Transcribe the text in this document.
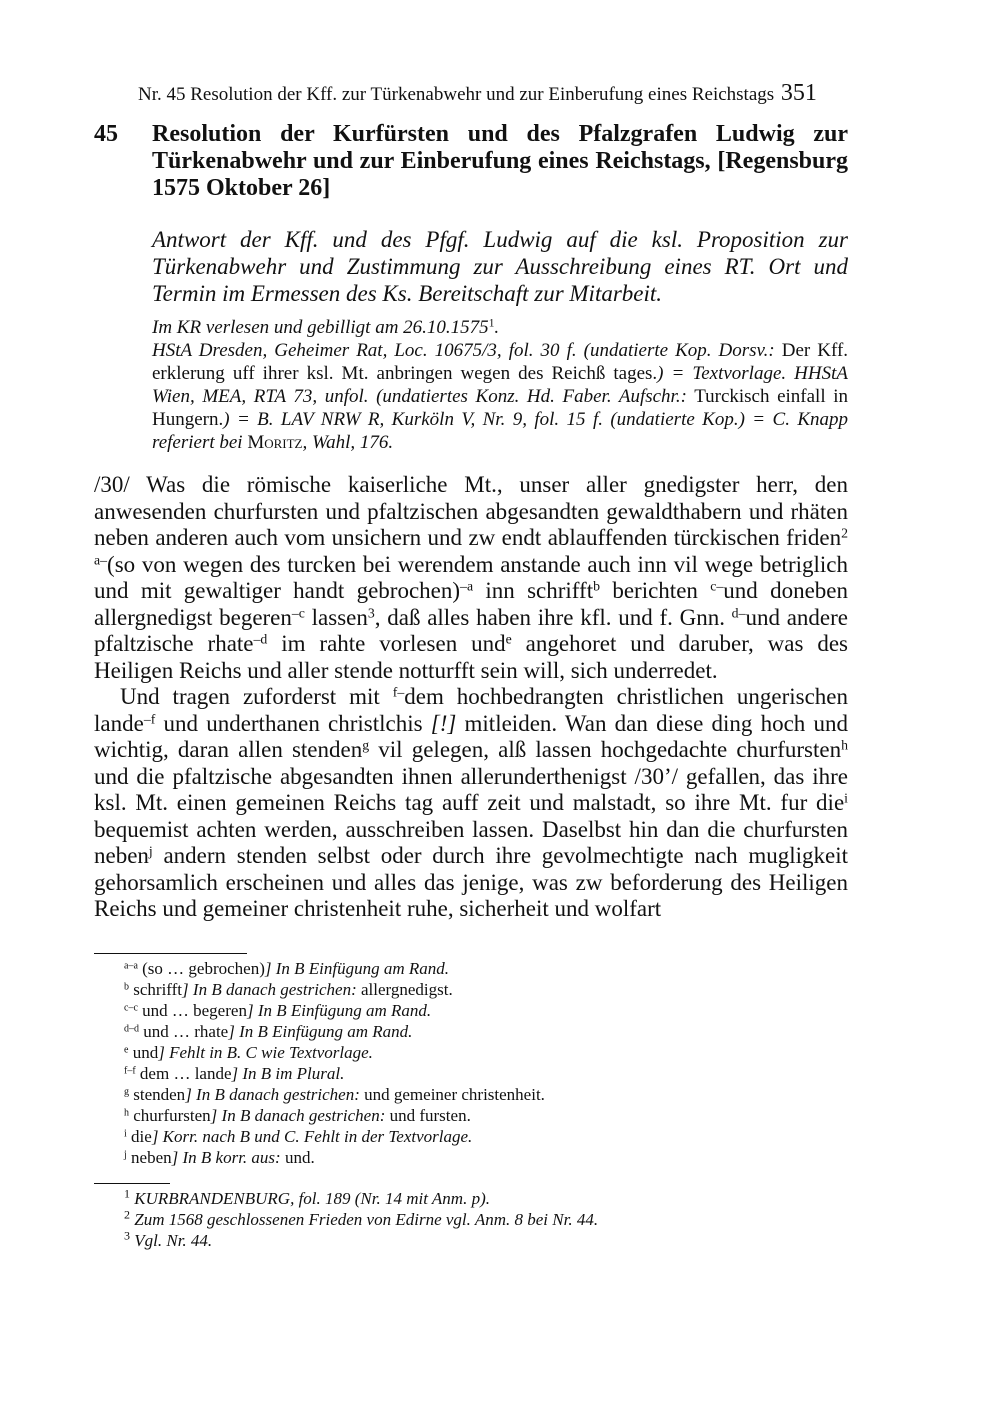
Nr. 45 Resolution der Kff. zur Türkenabwehr und zur Einberufung eines Reichstags 351
45 Resolution der Kurfürsten und des Pfalzgrafen Ludwig zur Türkenabwehr und zur Einberufung eines Reichstags, [Regensburg 1575 Oktober 26]
Antwort der Kff. und des Pfgf. Ludwig auf die ksl. Proposition zur Türkenabwehr und Zustimmung zur Ausschreibung eines RT. Ort und Termin im Ermessen des Ks. Bereitschaft zur Mitarbeit.
Im KR verlesen und gebilligt am 26.10.1575$^1$.
HStA Dresden, Geheimer Rat, Loc. 10675/3, fol. 30 f. (undatierte Kop. Dorsv.: Der Kff. erklerung uff ihrer ksl. Mt. anbringen wegen des Reichß tages.) = Textvorlage. HHStA Wien, MEA, RTA 73, unfol. (undatiertes Konz. Hd. Faber. Aufschr.: Turckisch einfall in Hungern.) = B. LAV NRW R, Kurköln V, Nr. 9, fol. 15 f. (undatierte Kop.) = C. Knapp referiert bei Moritz, Wahl, 176.

/30/ Was die römische kaiserliche Mt., unser aller gnedigster herr, den anwesenden churfursten und pfaltzischen abgesandten gewaldthabern und rhäten neben anderen auch vom unsichern und zw endt ablauffenden türckischen friden$^2$ $^{a-}$(so von wegen des turcken bei werendem anstande auch inn vil wege betriglich und mit gewaltiger handt gebrochen)$^{-a}$ inn schrifft$^b$ berichten $^{c-}$und doneben allergnedigst begeren$^{-c}$ lassen$^3$, daß alles haben ihre kfl. und f. Gnn. $^{d-}$und andere pfaltzische rhate$^{-d}$ im rahte vorlesen und$^e$ angehoret und daruber, was des Heiligen Reichs und aller stende notturfft sein will, sich underredet.

Und tragen zuforderst mit $^{f-}$dem hochbedrangten christlichen ungerischen lande$^{-f}$ und underthanen christlchis [!] mitleiden. Wan dan diese ding hoch und wichtig, daran allen stenden$^g$ vil gelegen, alß lassen hochgedachte churfursten$^h$ und die pfaltzische abgesandten ihnen allerunderthenigst /30’/ gefallen, das ihre ksl. Mt. einen gemeinen Reichs tag auff zeit und malstadt, so ihre Mt. fur die$^i$ bequemist achten werden, ausschreiben lassen. Daselbst hin dan die churfursten neben$^j$ andern stenden selbst oder durch ihre gevolmechtigte nach mugligkeit gehorsamlich erscheinen und alles das jenige, was zw beforderung des Heiligen Reichs und gemeiner christenheit ruhe, sicherheit und wolfart

$^{a-a}$ (so … gebrochen)] In B Einfügung am Rand.
$^b$ schrifft] In B danach gestrichen: allergnedigst.
$^{c-c}$ und … begeren] In B Einfügung am Rand.
$^{d-d}$ und … rhate] In B Einfügung am Rand.
$^e$ und] Fehlt in B. C wie Textvorlage.
$^{f-f}$ dem … lande] In B im Plural.
$^g$ stenden] In B danach gestrichen: und gemeiner christenheit.
$^h$ churfursten] In B danach gestrichen: und fursten.
$^i$ die] Korr. nach B und C. Fehlt in der Textvorlage.
$^j$ neben] In B korr. aus: und.
$^1$ KURBRANDENBURG, fol. 189 (Nr. 14 mit Anm. p).
$^2$ Zum 1568 geschlossenen Frieden von Edirne vgl. Anm. 8 bei Nr. 44.
$^3$ Vgl. Nr. 44.
